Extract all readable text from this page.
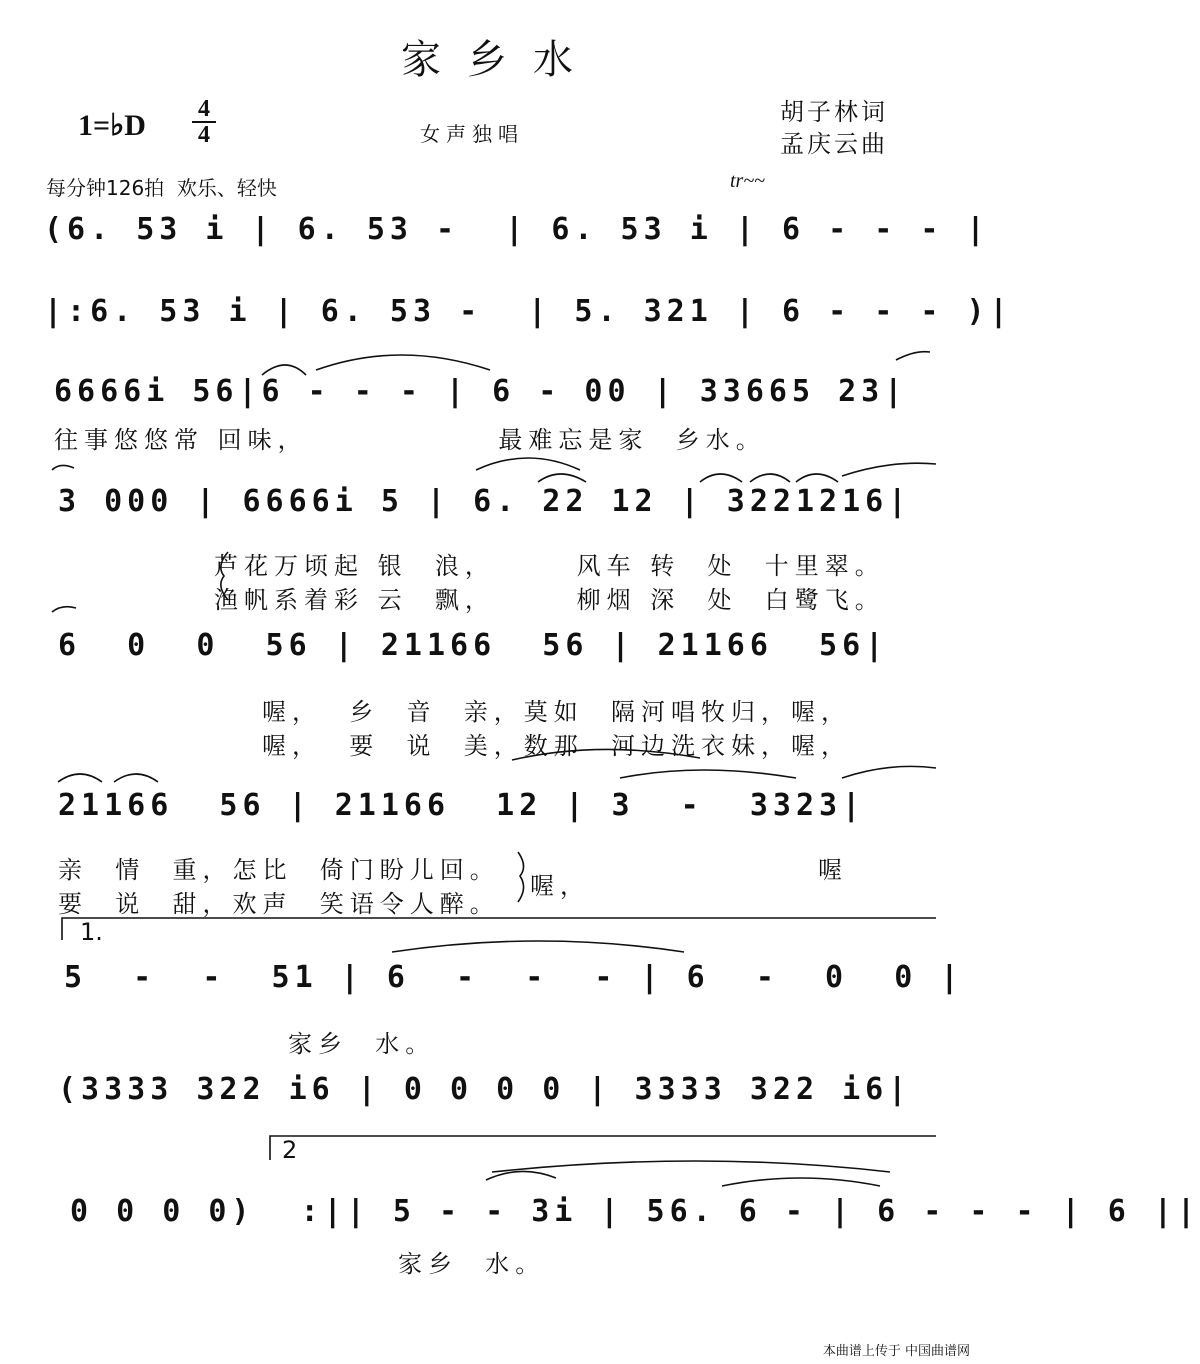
家乡水
1=♭D 4
4	女声独唱
胡子林词
孟庆云曲
每分钟126拍  欢乐、轻快	tr~~
(6. 53 i | 6. 53 -  | 6. 53 i | 6 - - - |
|:6. 53 i | 6. 53 -  | 5. 321 | 6 - - - )|
6666i 56|6 - - - | 6 - 00 | 33665 23|
往事悠悠常 回味，              最难忘是家  乡水。
3 000 | 6666i 5 | 6. 22 12 | 3221216|
芦花万顷起 银  浪，      风车 转  处  十里翠。
渔帆系着彩 云  飘，      柳烟 深  处  白鹭飞。
6  0  0  56 | 21166  56 | 21166  56|
喔，  乡  音  亲，莫如  隔河唱牧归，喔，
喔，  要  说  美，数那  河边洗衣妹，喔，
21166  56 | 21166  12 | 3  -  3323|
亲  情  重，怎比  倚门盼儿回。
要  说  甜，欢声  笑语令人醉。
喔，
喔
1.
5  -  -  51 | 6  -  -  - | 6  -  0  0 |
家乡  水。
(3333 322 i6 | 0 0 0 0 | 3333 322 i6|
2
0 0 0 0)  :|| 5 - - 3i | 56. 6 - | 6 - - - | 6 ||
家乡  水。
本曲谱上传于 中国曲谱网
